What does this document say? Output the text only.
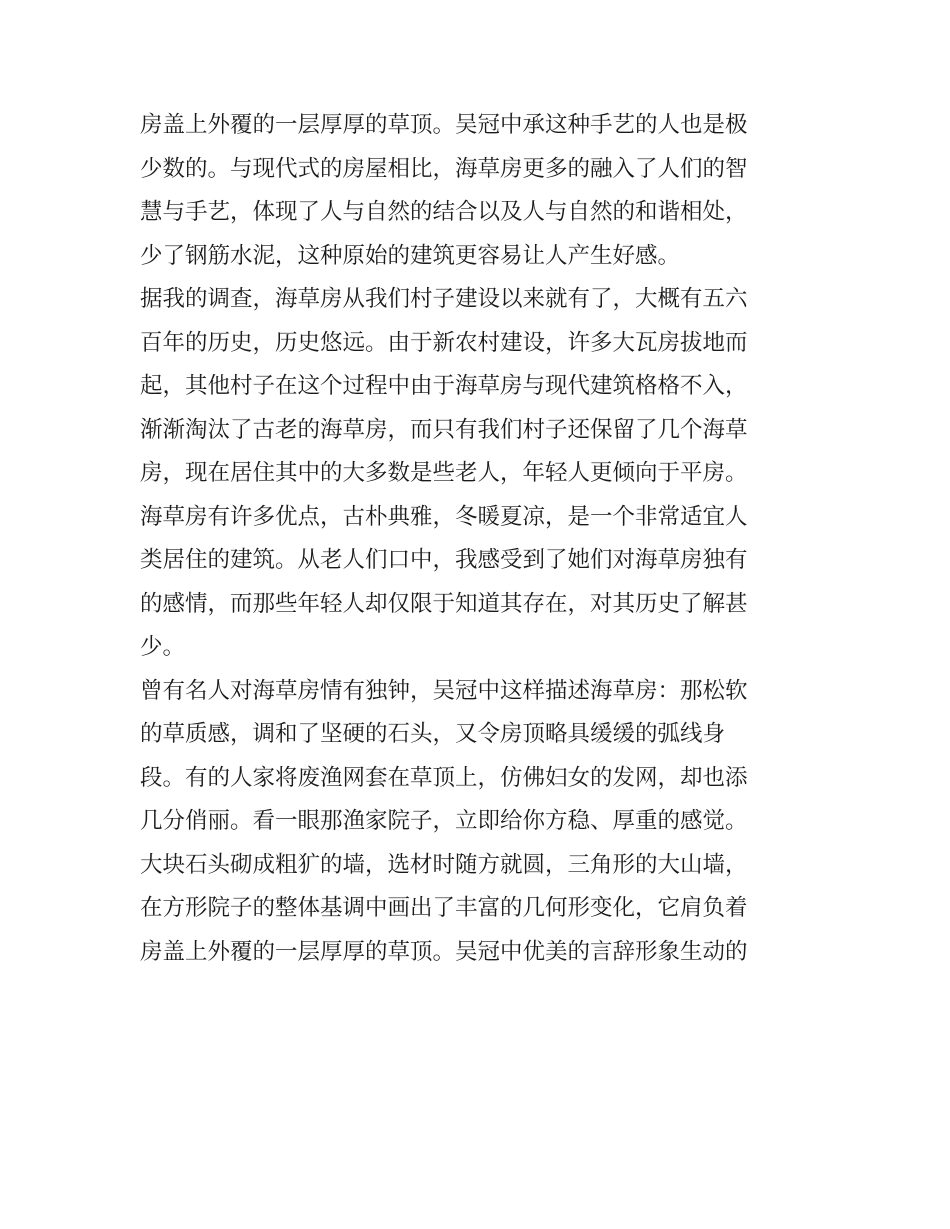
房盖上外覆的一层厚厚的草顶。吴冠中承这种手艺的人也是极
少数的。与现代式的房屋相比，海草房更多的融入了人们的智
慧与手艺，体现了人与自然的结合以及人与自然的和谐相处，
少了钢筋水泥，这种原始的建筑更容易让人产生好感。
据我的调查，海草房从我们村子建设以来就有了，大概有五六
百年的历史，历史悠远。由于新农村建设，许多大瓦房拔地而
起，其他村子在这个过程中由于海草房与现代建筑格格不入，
渐渐淘汰了古老的海草房，而只有我们村子还保留了几个海草
房，现在居住其中的大多数是些老人，年轻人更倾向于平房。
海草房有许多优点，古朴典雅，冬暖夏凉，是一个非常适宜人
类居住的建筑。从老人们口中，我感受到了她们对海草房独有
的感情，而那些年轻人却仅限于知道其存在，对其历史了解甚
少。
曾有名人对海草房情有独钟，吴冠中这样描述海草房：那松软
的草质感，调和了坚硬的石头，又令房顶略具缓缓的弧线身
段。有的人家将废渔网套在草顶上，仿佛妇女的发网，却也添
几分俏丽。看一眼那渔家院子，立即给你方稳、厚重的感觉。
大块石头砌成粗犷的墙，选材时随方就圆，三角形的大山墙，
在方形院子的整体基调中画出了丰富的几何形变化，它肩负着
房盖上外覆的一层厚厚的草顶。吴冠中优美的言辞形象生动的
